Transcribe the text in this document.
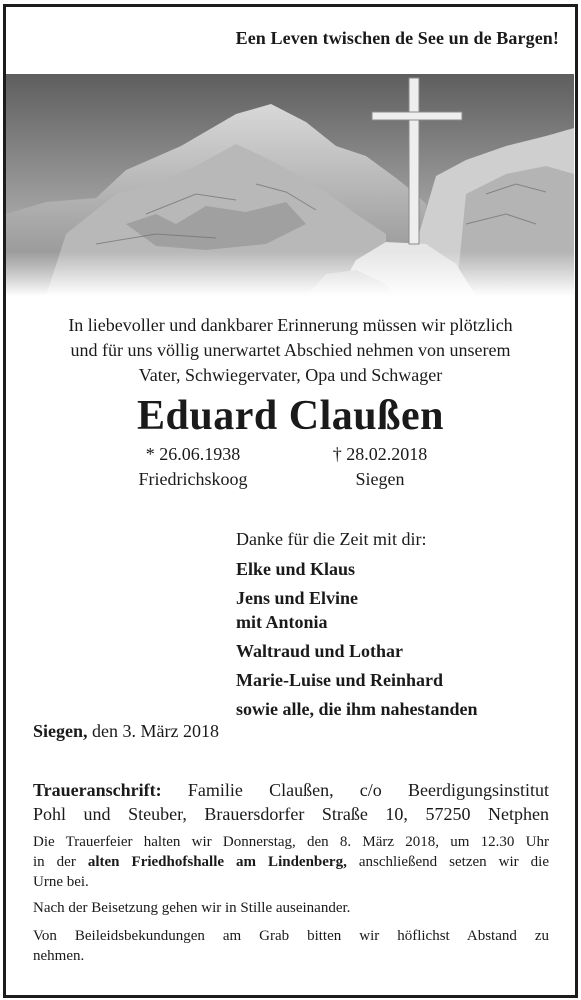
Een Leven twischen de See un de Bargen!
In liebevoller und dankbarer Erinnerung müssen wir plötzlich
und für uns völlig unerwartet Abschied nehmen von unserem
Vater, Schwiegervater, Opa und Schwager
Eduard Claußen
* 26.06.1938
Friedrichskoog
† 28.02.2018
Siegen
Danke für die Zeit mit dir:
Elke und Klaus
Jens und Elvine
mit Antonia
Waltraud und Lothar
Marie-Luise und Reinhard
sowie alle, die ihm nahestanden
Siegen, den 3. März 2018
Traueranschrift: Familie Claußen, c/o Beerdigungsinstitut
Pohl und Steuber, Brauersdorfer Straße 10, 57250 Netphen
Die Trauerfeier halten wir Donnerstag, den 8. März 2018, um 12.30 Uhr
in der alten Friedhofshalle am Lindenberg, anschließend setzen wir die
Urne bei.
Nach der Beisetzung gehen wir in Stille auseinander.
Von Beileidsbekundungen am Grab bitten wir höflichst Abstand zu
nehmen.
